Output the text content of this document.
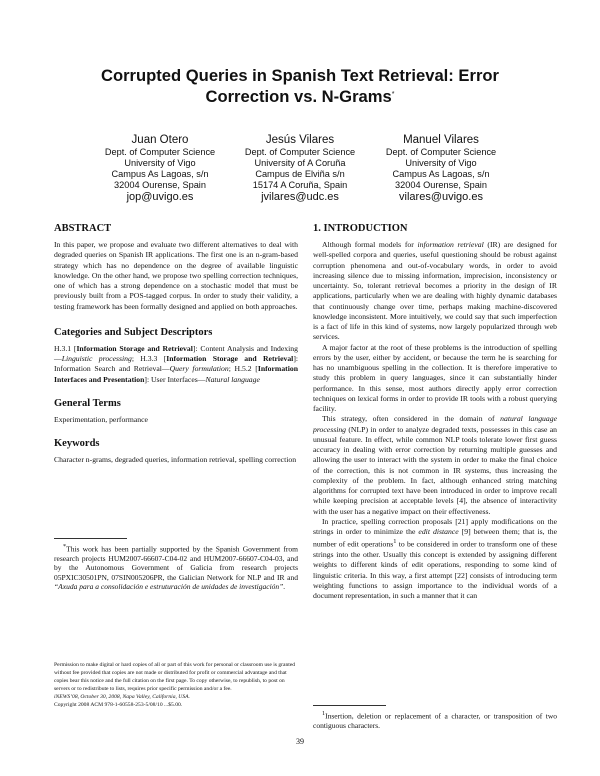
Corrupted Queries in Spanish Text Retrieval: Error
Correction vs. N-Grams*
Juan Otero
Dept. of Computer Science
University of Vigo
Campus As Lagoas, s/n
32004 Ourense, Spain
jop@uvigo.es
Jesús Vilares
Dept. of Computer Science
University of A Coruña
Campus de Elviña s/n
15174 A Coruña, Spain
jvilares@udc.es
Manuel Vilares
Dept. of Computer Science
University of Vigo
Campus As Lagoas, s/n
32004 Ourense, Spain
vilares@uvigo.es
ABSTRACT

In this paper, we propose and evaluate two different alternatives to deal with degraded queries on Spanish IR applications. The first one is an n-gram-based strategy which has no dependence on the degree of available linguistic knowledge. On the other hand, we propose two spelling correction techniques, one of which has a strong dependence on a stochastic model that must be previously built from a POS-tagged corpus. In order to study their validity, a testing framework has been formally designed and applied on both approaches.

Categories and Subject Descriptors

H.3.1 [Information Storage and Retrieval]: Content Analysis and Indexing—Linguistic processing; H.3.3 [Information Storage and Retrieval]: Information Search and Retrieval—Query formulation; H.5.2 [Information Interfaces and Presentation]: User Interfaces—Natural language

General Terms

Experimentation, performance

Keywords

Character n-grams, degraded queries, information retrieval, spelling correction

*This work has been partially supported by the Spanish Government from research projects HUM2007-66607-C04-02 and HUM2007-66607-C04-03, and by the Autonomous Government of Galicia from research projects 05PXIC30501PN, 07SIN005206PR, the Galician Network for NLP and IR and “Axuda para a consolidación e estruturación de unidades de investigación”.

Permission to make digital or hard copies of all or part of this work for personal or classroom use is granted without fee provided that copies are not made or distributed for profit or commercial advantage and that copies bear this notice and the full citation on the first page. To copy otherwise, to republish, to post on servers or to redistribute to lists, requires prior specific permission and/or a fee.
iNEWS’08, October 30, 2008, Napa Valley, California, USA.
Copyright 2008 ACM 978-1-60558-253-5/08/10 ...$5.00.
1. INTRODUCTION

Although formal models for information retrieval (IR) are designed for well-spelled corpora and queries, useful questioning should be robust against corruption phenomena and out-of-vocabulary words, in order to avoid increasing silence due to missing information, imprecision, inconsistency or uncertainty. So, tolerant retrieval becomes a priority in the design of IR applications, particularly when we are dealing with highly dynamic databases that continuously change over time, perhaps making machine-discovered knowledge inconsistent. More intuitively, we could say that such imperfection is a fact of life in this kind of systems, now largely popularized through web services.

A major factor at the root of these problems is the introduction of spelling errors by the user, either by accident, or because the term he is searching for has no unambiguous spelling in the collection. It is therefore imperative to study this problem in query languages, since it can substantially hinder performance. In this sense, most authors directly apply error correction techniques on lexical forms in order to provide IR tools with a robust querying facility.

This strategy, often considered in the domain of natural language processing (NLP) in order to analyze degraded texts, possesses in this case an unusual feature. In effect, while common NLP tools tolerate lower first guess accuracy in dealing with error correction by returning multiple guesses and allowing the user to interact with the system in order to make the final choice of the correction, this is not common in IR systems, thus increasing the complexity of the problem. In fact, although enhanced string matching algorithms for corrupted text have been introduced in order to improve recall while keeping precision at acceptable levels [4], the absence of interactivity with the user has a negative impact on their effectiveness.

In practice, spelling correction proposals [21] apply modifications on the strings in order to minimize the edit distance [9] between them; that is, the number of edit operations$^1$ to be considered in order to transform one of these strings into the other. Usually this concept is extended by assigning different weights to different kinds of edit operations, responding to some kind of linguistic criteria. In this way, a first attempt [22] consists of introducing term weighting functions to assign importance to the individual words of a document representation, in such a manner that it can

$^1$Insertion, deletion or replacement of a character, or transposition of two contiguous characters.

39
